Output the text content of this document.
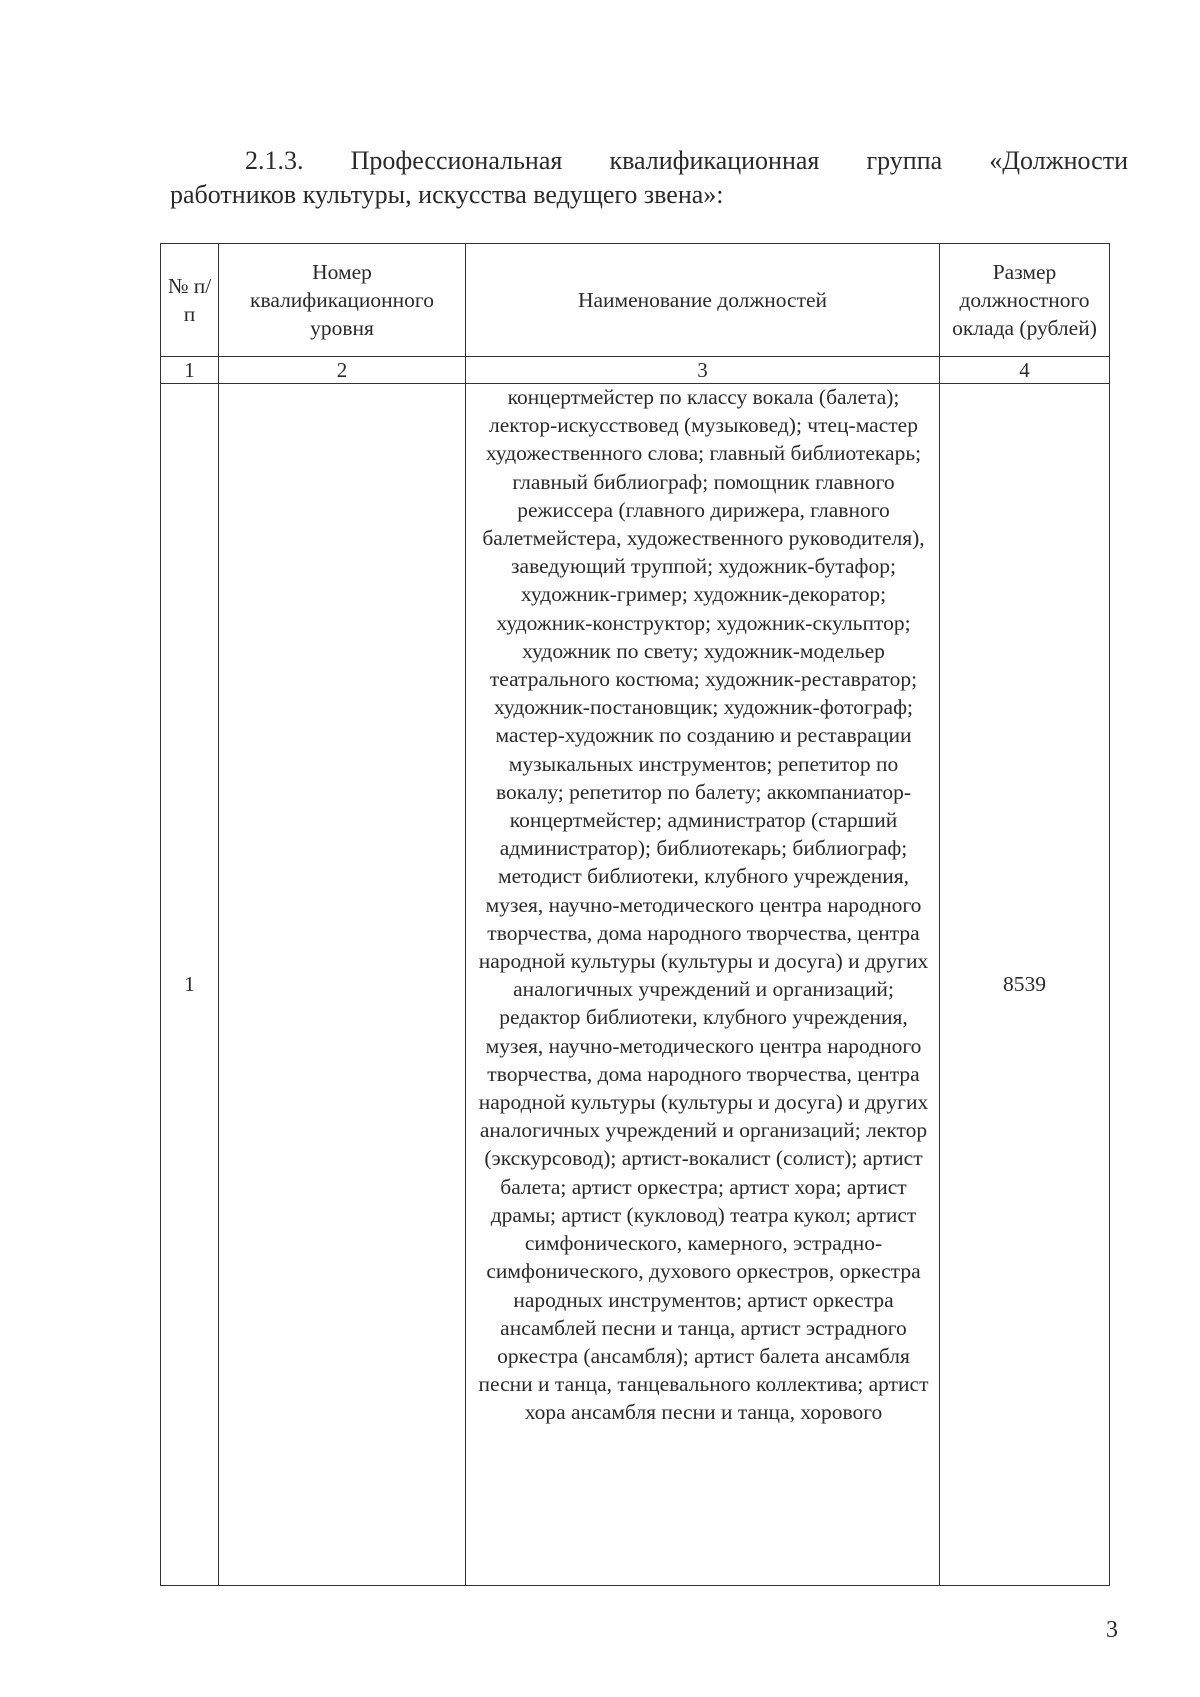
2.1.3. Профессиональная квалификационная группа «Должности
работников культуры, искусства ведущего звена»:
№ п/п	Номер квалификационного уровня	Наименование должностей	Размер должностного оклада (рублей)
1	2	3	4
1		концертмейстер по классу вокала (балета); лектор-искусствовед (музыковед); чтец-мастер художественного слова; главный библиотекарь; главный библиограф; помощник главного режиссера (главного дирижера, главного балетмейстера, художественного руководителя), заведующий труппой; художник-бутафор; художник-гример; художник-декоратор; художник-конструктор; художник-скульптор; художник по свету; художник-модельер театрального костюма; художник-реставратор; художник-постановщик; художник-фотограф; мастер-художник по созданию и реставрации музыкальных инструментов; репетитор по вокалу; репетитор по балету; аккомпаниатор-концертмейстер; администратор (старший администратор); библиотекарь; библиограф; методист библиотеки, клубного учреждения, музея, научно-методического центра народного творчества, дома народного творчества, центра народной культуры (культуры и досуга) и других аналогичных учреждений и организаций; редактор библиотеки, клубного учреждения, музея, научно-методического центра народного творчества, дома народного творчества, центра народной культуры (культуры и досуга) и других аналогичных учреждений и организаций; лектор (экскурсовод); артист-вокалист (солист); артист балета; артист оркестра; артист хора; артист драмы; артист (кукловод) театра кукол; артист симфонического, камерного, эстрадно-симфонического, духового оркестров, оркестра народных инструментов; артист оркестра ансамблей песни и танца, артист эстрадного оркестра (ансамбля); артист балета ансамбля песни и танца, танцевального коллектива; артист хора ансамбля песни и танца, хорового	8539
3
